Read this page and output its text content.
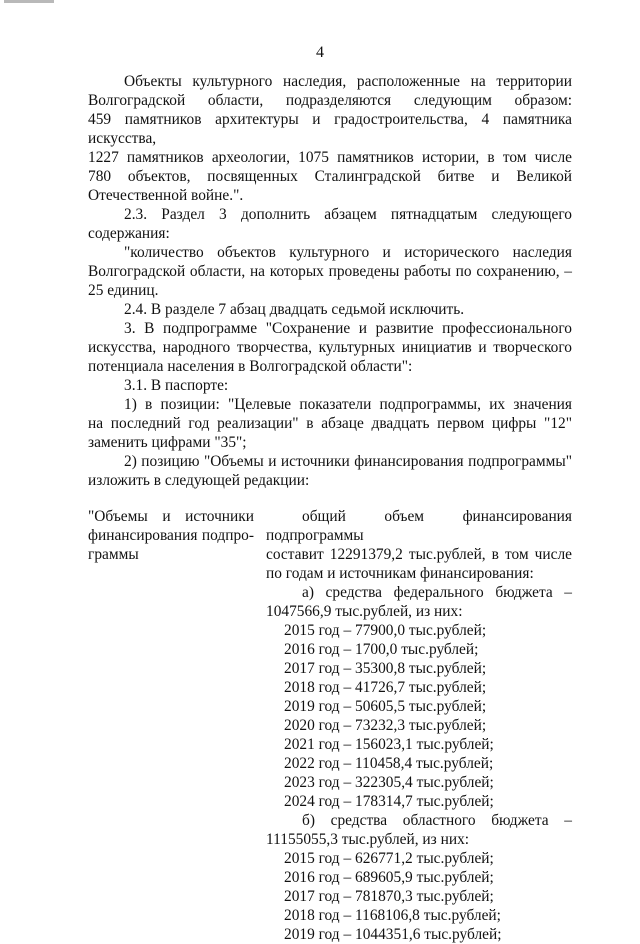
4

Объекты культурного наследия, расположенные на территории

Волгоградской области, подразделяются следующим образом:

459 памятников архитектуры и градостроительства, 4 памятника искусства,

1227 памятников археологии, 1075 памятников истории, в том числе

780 объектов, посвященных Сталинградской битве и Великой

Отечественной войне.".

2.3. Раздел 3 дополнить абзацем пятнадцатым следующего

содержания:

"количество объектов культурного и исторического наследия

Волгоградской области, на которых проведены работы по сохранению, –

25 единиц.

2.4. В разделе 7 абзац двадцать седьмой исключить.

3. В подпрограмме "Сохранение и развитие профессионального

искусства, народного творчества, культурных инициатив и творческого

потенциала населения в Волгоградской области":

3.1. В паспорте:

1) в позиции: "Целевые показатели подпрограммы, их значения

на последний год реализации" в абзаце двадцать первом цифры "12"

заменить цифрами "35";

2) позицию "Объемы и источники финансирования подпрограммы"

изложить в следующей редакции:

"Объемы и источники

финансирования подпро-

граммы

общий объем финансирования подпрограммы

составит 12291379,2 тыс.рублей, в том числе

по годам и источникам финансирования:

а) средства федерального бюджета –

1047566,9 тыс.рублей, из них:

2015 год – 77900,0 тыс.рублей;

2016 год – 1700,0 тыс.рублей;

2017 год – 35300,8 тыс.рублей;

2018 год – 41726,7 тыс.рублей;

2019 год – 50605,5 тыс.рублей;

2020 год – 73232,3 тыс.рублей;

2021 год – 156023,1 тыс.рублей;

2022 год – 110458,4 тыс.рублей;

2023 год – 322305,4 тыс.рублей;

2024 год – 178314,7 тыс.рублей;

б) средства областного бюджета –

11155055,3 тыс.рублей, из них:

2015 год – 626771,2 тыс.рублей;

2016 год – 689605,9 тыс.рублей;

2017 год – 781870,3 тыс.рублей;

2018 год – 1168106,8 тыс.рублей;

2019 год – 1044351,6 тыс.рублей;
